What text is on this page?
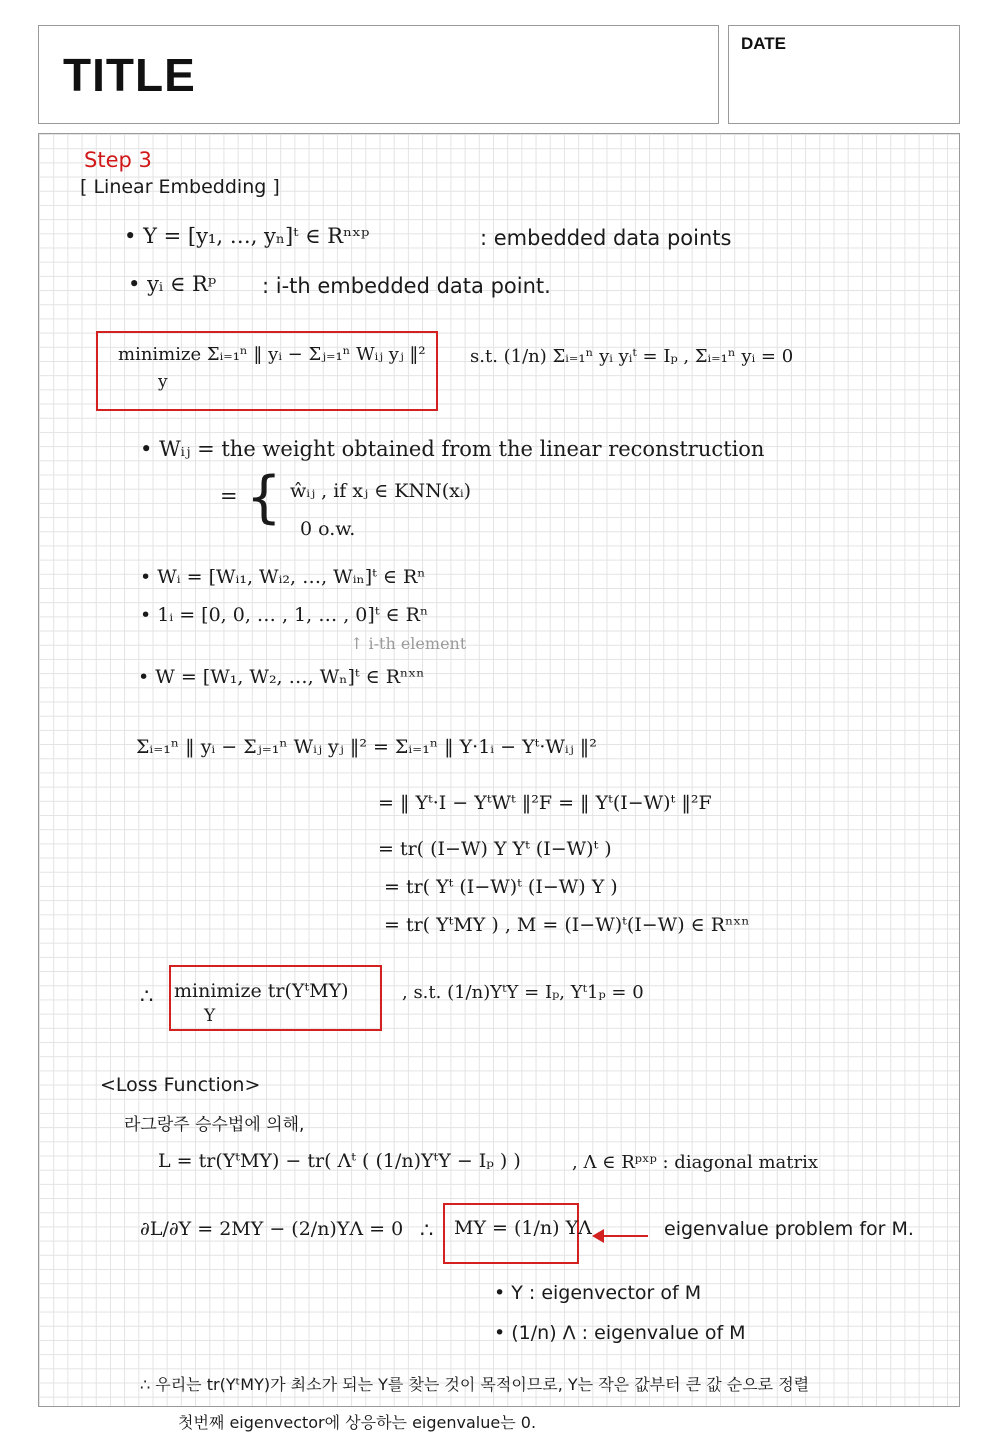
TITLE
DATE
Step 3
[ Linear Embedding ]
• Y = [y₁, …, yₙ]ᵗ ∈ Rⁿˣᵖ	: embedded data points
• yᵢ ∈ Rᵖ : i-th embedded data point.
minimize Σᵢ₌₁ⁿ ‖ yᵢ − Σⱼ₌₁ⁿ Wᵢⱼ yⱼ ‖²
y
s.t. (1/n) Σᵢ₌₁ⁿ yᵢ yᵢᵗ = Iₚ , Σᵢ₌₁ⁿ yᵢ = 0
• Wᵢⱼ = the weight obtained from the linear reconstruction
= { ŵᵢⱼ , if xⱼ ∈ KNN(xᵢ)
0 o.w.
• Wᵢ = [Wᵢ₁, Wᵢ₂, …, Wᵢₙ]ᵗ ∈ Rⁿ
• 1ᵢ = [0, 0, … , 1, … , 0]ᵗ ∈ Rⁿ
↑ i-th element
• W = [W₁, W₂, …, Wₙ]ᵗ ∈ Rⁿˣⁿ
Σᵢ₌₁ⁿ ‖ yᵢ − Σⱼ₌₁ⁿ Wᵢⱼ yⱼ ‖² = Σᵢ₌₁ⁿ ‖ Y·1ᵢ − Yᵗ·Wᵢⱼ ‖²
= ‖ Yᵗ·I − YᵗWᵗ ‖²F = ‖ Yᵗ(I−W)ᵗ ‖²F
= tr( (I−W) Y Yᵗ (I−W)ᵗ )
= tr( Yᵗ (I−W)ᵗ (I−W) Y )
= tr( YᵗMY ) , M = (I−W)ᵗ(I−W) ∈ Rⁿˣⁿ
∴ minimize tr(YᵗMY)
Y
, s.t. (1/n)YᵗY = Iₚ, Yᵗ1ₚ = 0
<Loss Function>
라그랑주 승수법에 의해,
L = tr(YᵗMY) − tr( Λᵗ ( (1/n)YᵗY − Iₚ ) )	, Λ ∈ Rᵖˣᵖ : diagonal matrix
∂L/∂Y = 2MY − (2/n)YΛ = 0 ∴ MY = (1/n) YΛ	eigenvalue problem for M.
• Y : eigenvector of M
• (1/n) Λ : eigenvalue of M
∴ 우리는 tr(YᵗMY)가 최소가 되는 Y를 찾는 것이 목적이므로, Y는 작은 값부터 큰 값 순으로 정렬
첫번째 eigenvector에 상응하는 eigenvalue는 0.
